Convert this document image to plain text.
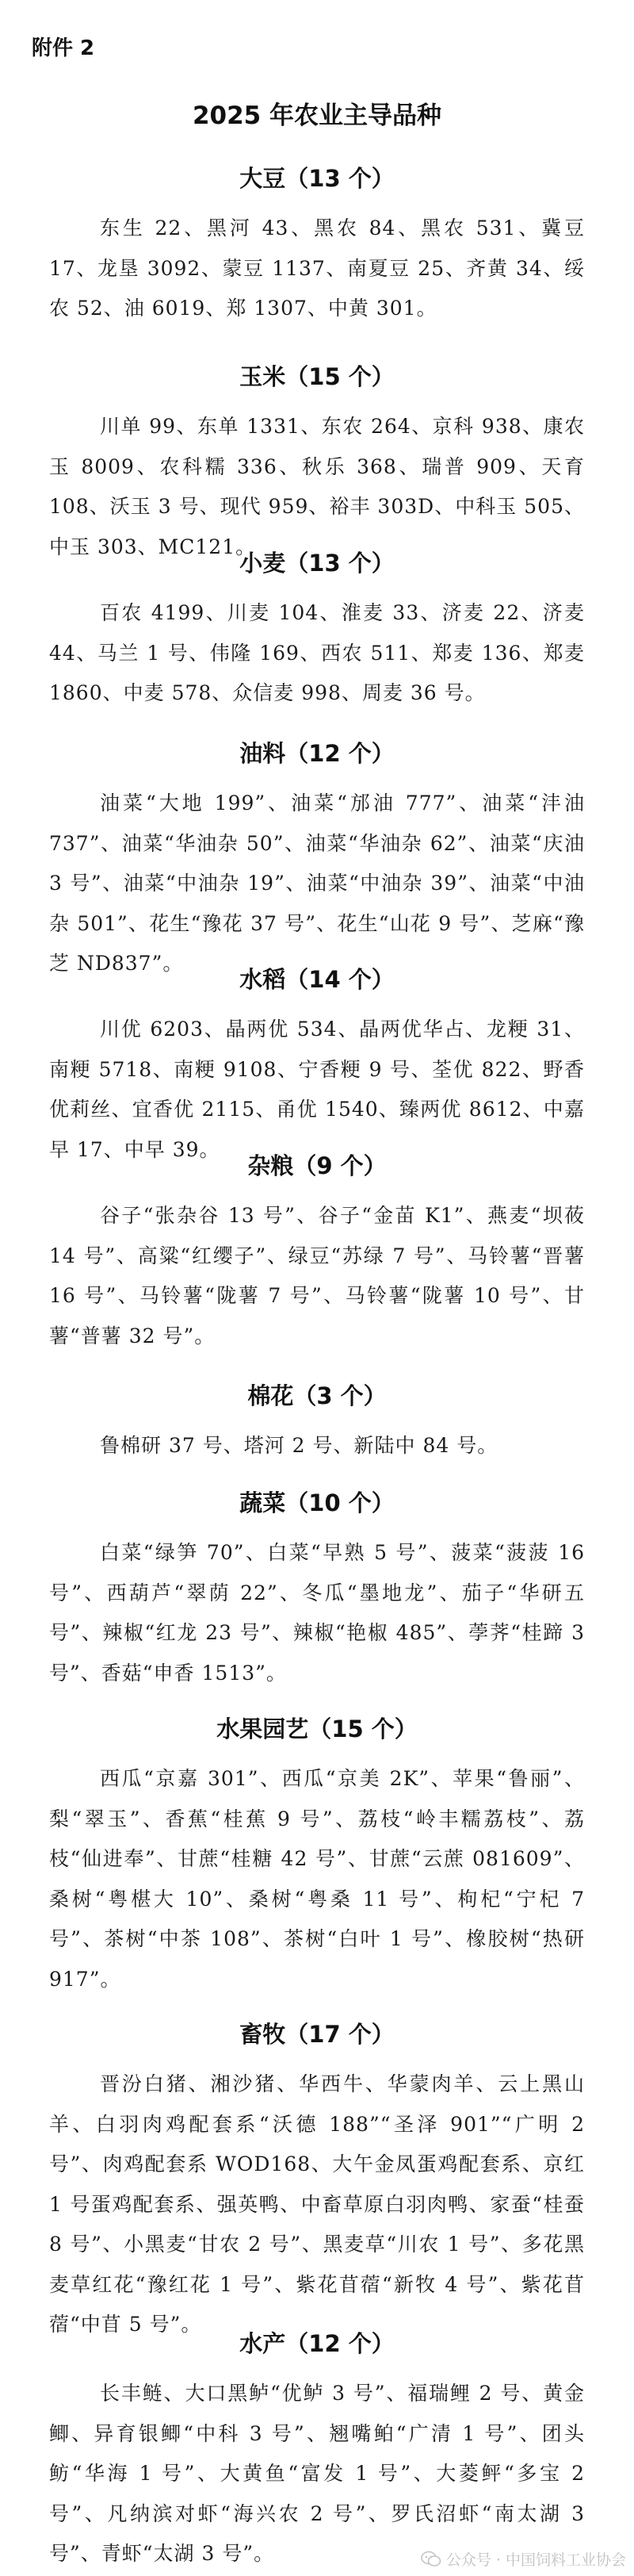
附件 2
2025 年农业主导品种
大豆（13 个）
东生 22、黑河 43、黑农 84、黑农 531、冀豆 17、龙垦 3092、蒙豆 1137、南夏豆 25、齐黄 34、绥农 52、油 6019、郑 1307、中黄 301。
玉米（15 个）
川单 99、东单 1331、东农 264、京科 938、康农玉 8009、农科糯 336、秋乐 368、瑞普 909、天育 108、沃玉 3 号、现代 959、裕丰 303D、中科玉 505、中玉 303、MC121。
小麦（13 个）
百农 4199、川麦 104、淮麦 33、济麦 22、济麦 44、马兰 1 号、伟隆 169、西农 511、郑麦 136、郑麦 1860、中麦 578、众信麦 998、周麦 36 号。
油料（12 个）
油菜“大地 199”、油菜“邡油 777”、油菜“沣油 737”、油菜“华油杂 50”、油菜“华油杂 62”、油菜“庆油 3 号”、油菜“中油杂 19”、油菜“中油杂 39”、油菜“中油杂 501”、花生“豫花 37 号”、花生“山花 9 号”、芝麻“豫芝 ND837”。
水稻（14 个）
川优 6203、晶两优 534、晶两优华占、龙粳 31、南粳 5718、南粳 9108、宁香粳 9 号、荃优 822、野香优莉丝、宜香优 2115、甬优 1540、臻两优 8612、中嘉早 17、中早 39。
杂粮（9 个）
谷子“张杂谷 13 号”、谷子“金苗 K1”、燕麦“坝莜 14 号”、高粱“红缨子”、绿豆“苏绿 7 号”、马铃薯“晋薯 16 号”、马铃薯“陇薯 7 号”、马铃薯“陇薯 10 号”、甘薯“普薯 32 号”。
棉花（3 个）
鲁棉研 37 号、塔河 2 号、新陆中 84 号。
蔬菜（10 个）
白菜“绿笋 70”、白菜“早熟 5 号”、菠菜“菠菠 16 号”、西葫芦“翠荫 22”、冬瓜“墨地龙”、茄子“华研五号”、辣椒“红龙 23 号”、辣椒“艳椒 485”、荸荠“桂蹄 3 号”、香菇“申香 1513”。
水果园艺（15 个）
西瓜“京嘉 301”、西瓜“京美 2K”、苹果“鲁丽”、梨“翠玉”、香蕉“桂蕉 9 号”、荔枝“岭丰糯荔枝”、荔枝“仙进奉”、甘蔗“桂糖 42 号”、甘蔗“云蔗 081609”、桑树“粤椹大 10”、桑树“粤桑 11 号”、枸杞“宁杞 7 号”、茶树“中茶 108”、茶树“白叶 1 号”、橡胶树“热研 917”。
畜牧（17 个）
晋汾白猪、湘沙猪、华西牛、华蒙肉羊、云上黑山羊、白羽肉鸡配套系“沃德 188”“圣泽 901”“广明 2 号”、肉鸡配套系 WOD168、大午金凤蛋鸡配套系、京红 1 号蛋鸡配套系、强英鸭、中畜草原白羽肉鸭、家蚕“桂蚕 8 号”、小黑麦“甘农 2 号”、黑麦草“川农 1 号”、多花黑麦草红花“豫红花 1 号”、紫花苜蓿“新牧 4 号”、紫花苜蓿“中苜 5 号”。
水产（12 个）
长丰鲢、大口黑鲈“优鲈 3 号”、福瑞鲤 2 号、黄金鲫、异育银鲫“中科 3 号”、翘嘴鲌“广清 1 号”、团头鲂“华海 1 号”、大黄鱼“富发 1 号”、大菱鲆“多宝 2 号”、凡纳滨对虾“海兴农 2 号”、罗氏沼虾“南太湖 3 号”、青虾“太湖 3 号”。	公众号 · 中国饲料工业协会
